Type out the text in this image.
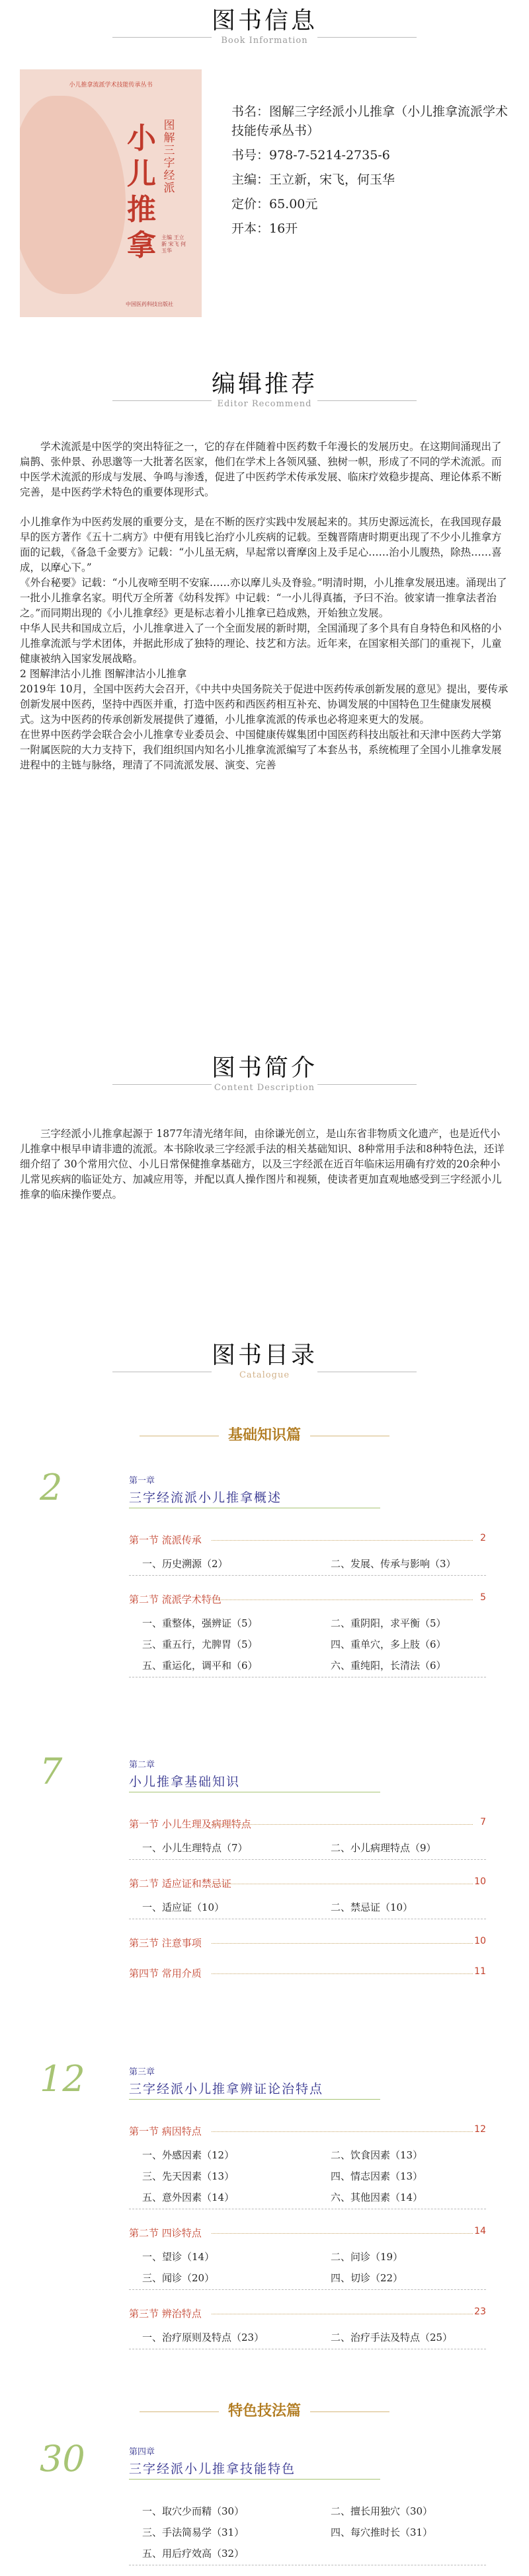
图书信息
Book Information
小儿推拿流派学术技能传承丛书
图解三字经派
小儿推拿	主编 王立新 宋飞 何玉华
中国医药科技出版社

书名：图解三字经派小儿推拿（小儿推拿流派学术技能传承丛书）

书号：978-7-5214-2735-6

主编：王立新，宋飞，何玉华

定价：65.00元

开本：16开

编辑推荐
Editor Recommend

学术流派是中医学的突出特征之一，它的存在伴随着中医药数千年漫长的发展历史。在这期间涌现出了扁鹊、张仲景、孙思邈等一大批著名医家，他们在学术上各领风骚、独树一帜，形成了不同的学术流派。而中医学术流派的形成与发展、争鸣与渗透，促进了中医药学术传承发展、临床疗效稳步提高、理论体系不断完善，是中医药学术特色的重要体现形式。

小儿推拿作为中医药发展的重要分支，是在不断的医疗实践中发展起来的。其历史源远流长，在我国现存最早的医方著作《五十二病方》中便有用钱匕治疗小儿疾病的记载。至魏晋隋唐时期更出现了不少小儿推拿方面的记载，《备急千金要方》记载：“小儿虽无病，早起常以膏摩囟上及手足心……治小儿腹热，除热……喜成，以摩心下。”

《外台秘要》记载：“小儿夜啼至明不安寐……亦以摩儿头及脊验。”明清时期，小儿推拿发展迅速。涌现出了一批小儿推拿名家。明代万全所著《幼科发挥》中记载：“一小儿得真搐，予曰不治。彼家请一推拿法者治之。”而同期出现的《小儿推拿经》更是标志着小儿推拿已趋成熟，开始独立发展。

中华人民共和国成立后，小儿推拿进入了一个全面发展的新时期，全国涌现了多个具有自身特色和风格的小儿推拿流派与学术团体，并据此形成了独特的理论、技艺和方法。近年来，在国家相关部门的重视下，儿童健康被纳入国家发展战略。

2 图解津沽小儿推 图解津沽小儿推拿

2019年 10月，全国中医药大会召开，《中共中央国务院关于促进中医药传承创新发展的意见》提出，要传承创新发展中医药，坚持中西医并重，打造中医药和西医药相互补充、协调发展的中国特色卫生健康发展模式。这为中医药的传承创新发展提供了遵循，小儿推拿流派的传承也必将迎来更大的发展。

在世界中医药学会联合会小儿推拿专业委员会、中国健康传媒集团中国医药科技出版社和天津中医药大学第一附属医院的大力支持下，我们组织国内知名小儿推拿流派编写了本套丛书，系统梳理了全国小儿推拿发展进程中的主链与脉络，理清了不同流派发展、演变、完善

图书简介
Content Description
三字经派小儿推拿起源于 1877年清光绪年间，由徐谦光创立，是山东省非物质文化遗产，也是近代小儿推拿中根早申请非遗的流派。本书除收录三字经派手法的相关基础知识、8种常用手法和8种特色法，还详细介绍了 30个常用穴位、小儿日常保健推拿基础方，以及三字经派在近百年临床运用确有疗效的20余种小儿常见疾病的临证处方、加减应用等，并配以真人操作图片和视频，使读者更加直观地感受到三字经派小儿推拿的临床操作要点。
图书目录
Catalogue
基础知识篇
2	第一章
三字经流派小儿推拿概述
第一节 流派传承	2
一、历史溯源（2）	二、发展、传承与影响（3）
第二节 流派学术特色	5
一、重整体，强辨证（5）	二、重阴阳，求平衡（5）
三、重五行，尤脾胃（5）	四、重单穴，多上肢（6）
五、重运化，调平和（6）	六、重纯阳，长清法（6）
7	第二章
小儿推拿基础知识
第一节 小儿生理及病理特点	7
一、小儿生理特点（7）	二、小儿病理特点（9）
第二节 适应证和禁忌证	10
一、适应证（10）	二、禁忌证（10）
第三节 注意事项	10
第四节 常用介质	11
12	第三章
三字经派小儿推拿辨证论治特点
第一节 病因特点	12
一、外感因素（12）	二、饮食因素（13）
三、先天因素（13）	四、情志因素（13）
五、意外因素（14）	六、其他因素（14）
第二节 四诊特点	14
一、望诊（14）	二、问诊（19）
三、闻诊（20）	四、切诊（22）
第三节 辨治特点	23
一、治疗原则及特点（23）	二、治疗手法及特点（25）
30	第四章
三字经派小儿推拿技能特色
一、取穴少而精（30）	二、擅长用独穴（30）
三、手法简易学（31）	四、每穴推时长（31）
五、用后疗效高（32）
特色技法篇
